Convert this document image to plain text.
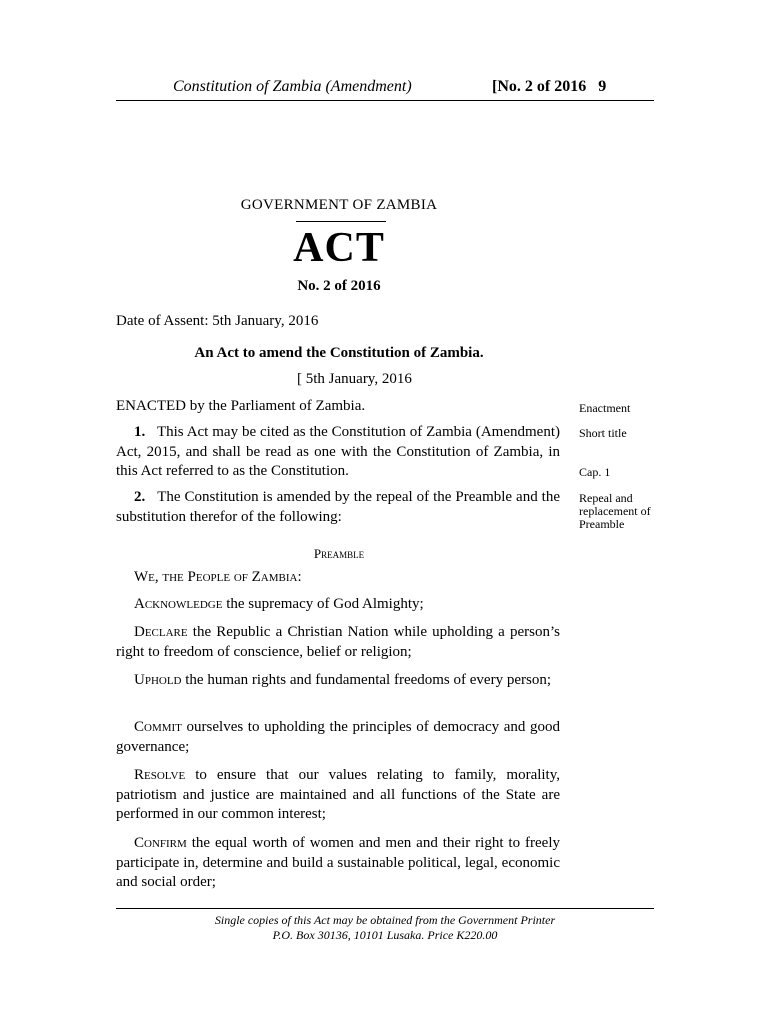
Constitution of Zambia (Amendment)	[No. 2 of 2016 9
GOVERNMENT OF ZAMBIA
ACT
No. 2 of 2016
Date of Assent: 5th January, 2016
An Act to amend the Constitution of Zambia.
[ 5th January, 2016
ENACTED by the Parliament of Zambia.	Enactment

1. This Act may be cited as the Constitution of Zambia (Amendment) Act, 2015, and shall be read as one with the Constitution of Zambia, in this Act referred to as the Constitution.

Short title
Cap. 1

2. The Constitution is amended by the repeal of the Preamble and the substitution therefor of the following:

Repeal and replacement of Preamble
Preamble

We, the People of Zambia:

Acknowledge the supremacy of God Almighty;

Declare the Republic a Christian Nation while upholding a person’s right to freedom of conscience, belief or religion;

Uphold the human rights and fundamental freedoms of every person;

Commit ourselves to upholding the principles of democracy and good governance;

Resolve to ensure that our values relating to family, morality, patriotism and justice are maintained and all functions of the State are performed in our common interest;

Confirm the equal worth of women and men and their right to freely participate in, determine and build a sustainable political, legal, economic and social order;

Single copies of this Act may be obtained from the Government Printer
P.O. Box 30136, 10101 Lusaka. Price K220.00
